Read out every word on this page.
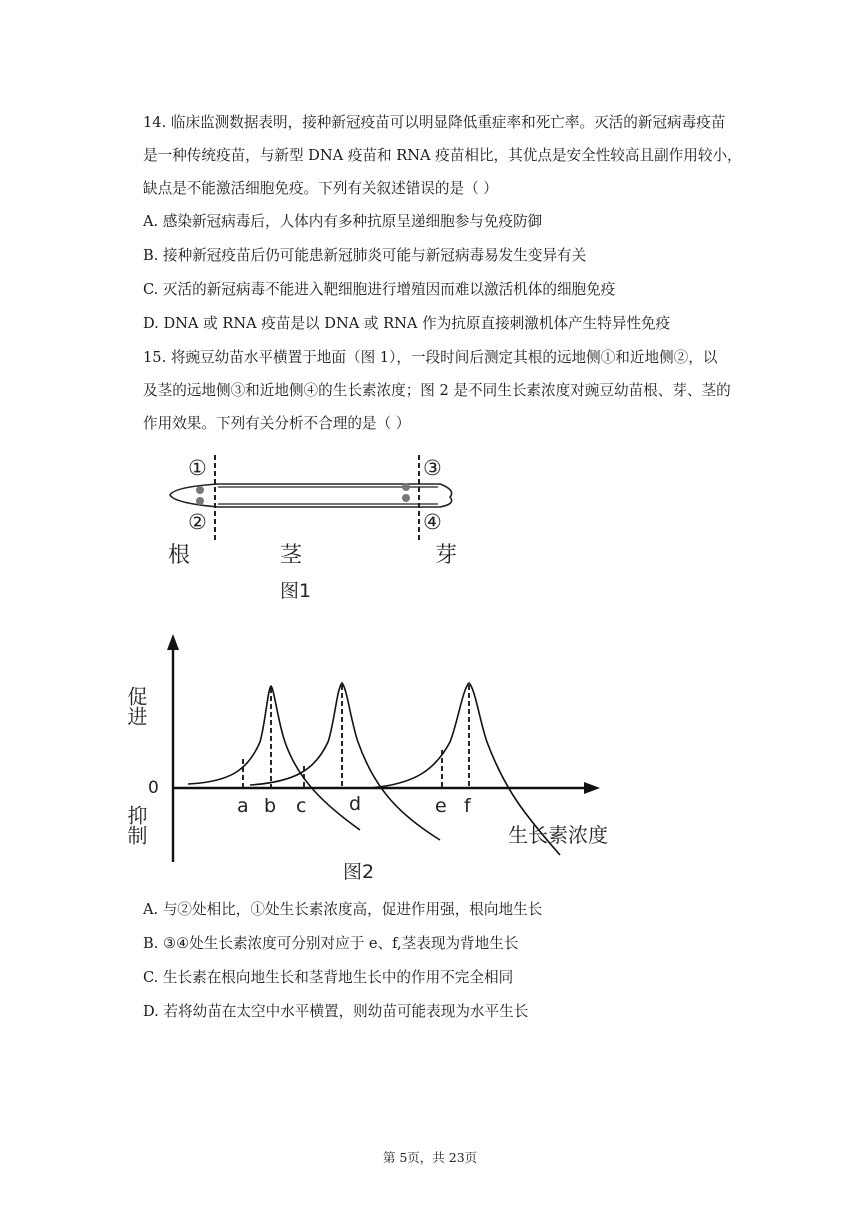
14. 临床监测数据表明，接种新冠疫苗可以明显降低重症率和死亡率。灭活的新冠病毒疫苗
是一种传统疫苗，与新型 DNA 疫苗和 RNA 疫苗相比，其优点是安全性较高且副作用较小，
缺点是不能激活细胞免疫。下列有关叙述错误的是（ ）
A. 感染新冠病毒后，人体内有多种抗原呈递细胞参与免疫防御
B. 接种新冠疫苗后仍可能患新冠肺炎可能与新冠病毒易发生变异有关
C. 灭活的新冠病毒不能进入靶细胞进行增殖因而难以激活机体的细胞免疫
D. DNA 或 RNA 疫苗是以 DNA 或 RNA 作为抗原直接刺激机体产生特异性免疫
15. 将豌豆幼苗水平横置于地面（图 1），一段时间后测定其根的远地侧①和近地侧②，以
及茎的远地侧③和近地侧④的生长素浓度；图 2 是不同生长素浓度对豌豆幼苗根、芽、茎的
作用效果。下列有关分析不合理的是（ ）
①
②
③
④
根	茎	芽
图1
促进
抑制
0
a b c d	e f
生长素浓度
图2
A. 与②处相比，①处生长素浓度高，促进作用强，根向地生长
B. ③④处生长素浓度可分别对应于 e、f,茎表现为背地生长
C. 生长素在根向地生长和茎背地生长中的作用不完全相同
D. 若将幼苗在太空中水平横置，则幼苗可能表现为水平生长
第 5页，共 23页
